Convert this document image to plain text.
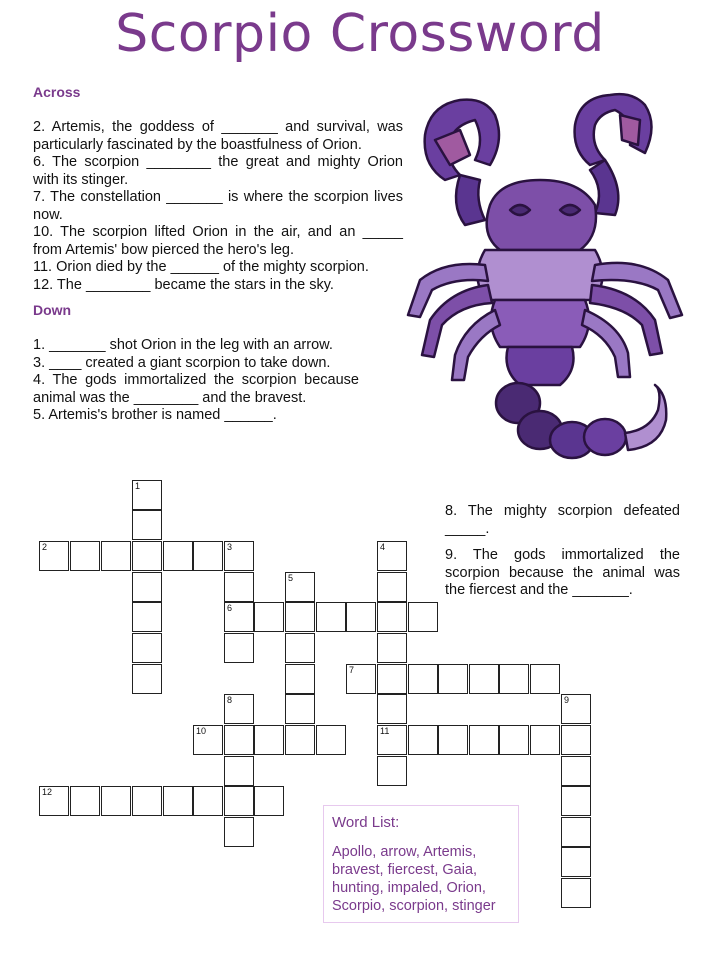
Scorpio Crossword
Across

2. Artemis, the goddess of _______ and survival, was particularly fascinated by the boastfulness of Orion.

6. The scorpion ________ the great and mighty Orion with its stinger.

7. The constellation _______ is where the scorpion lives now.

10. The scorpion lifted Orion in the air, and an _____ from Artemis' bow pierced the hero's leg.

11. Orion died by the ______ of the mighty scorpion.

12. The ________ became the stars in the sky.

Down

1. _______ shot Orion in the leg with an arrow.

3. ____ created a giant scorpion to take down.

4. The gods immortalized the scorpion because animal was the ________ and the bravest.

5. Artemis's brother is named ______.

8. The mighty scorpion defeated _____.

9. The gods immortalized the scorpion because the animal was the fiercest and the _______.

1
2	3	4
5
6
7
8	9
10	11
12
Word List:
Apollo, arrow, Artemis, bravest, fiercest, Gaia, hunting, impaled, Orion, Scorpio, scorpion, stinger
